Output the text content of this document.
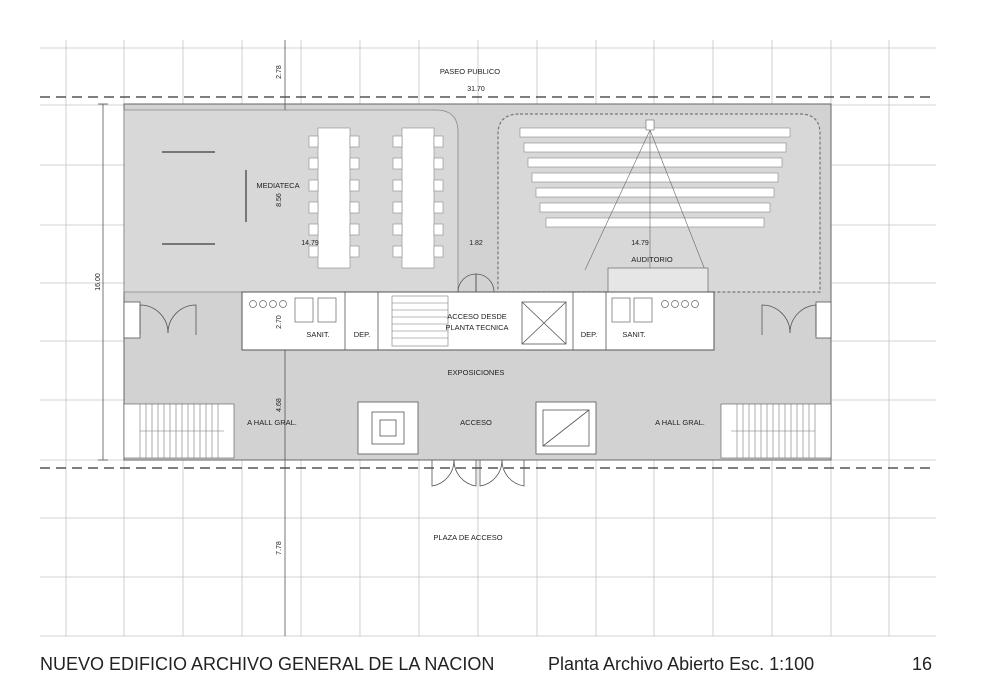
PASEO PUBLICO
MEDIATECA
AUDITORIO
SANIT.	DEP.
ACCESO DESDE
PLANTA TECNICA
DEP.	SANIT.
EXPOSICIONES
A HALL GRAL.	ACCESO	A HALL GRAL.
PLAZA DE ACCESO
2.78
31.70
16.00
8.56
14.79	1.82	14.79
2.70
4.68
7.78
NUEVO EDIFICIO ARCHIVO GENERAL DE LA NACION	Planta Archivo Abierto Esc. 1:100	16
